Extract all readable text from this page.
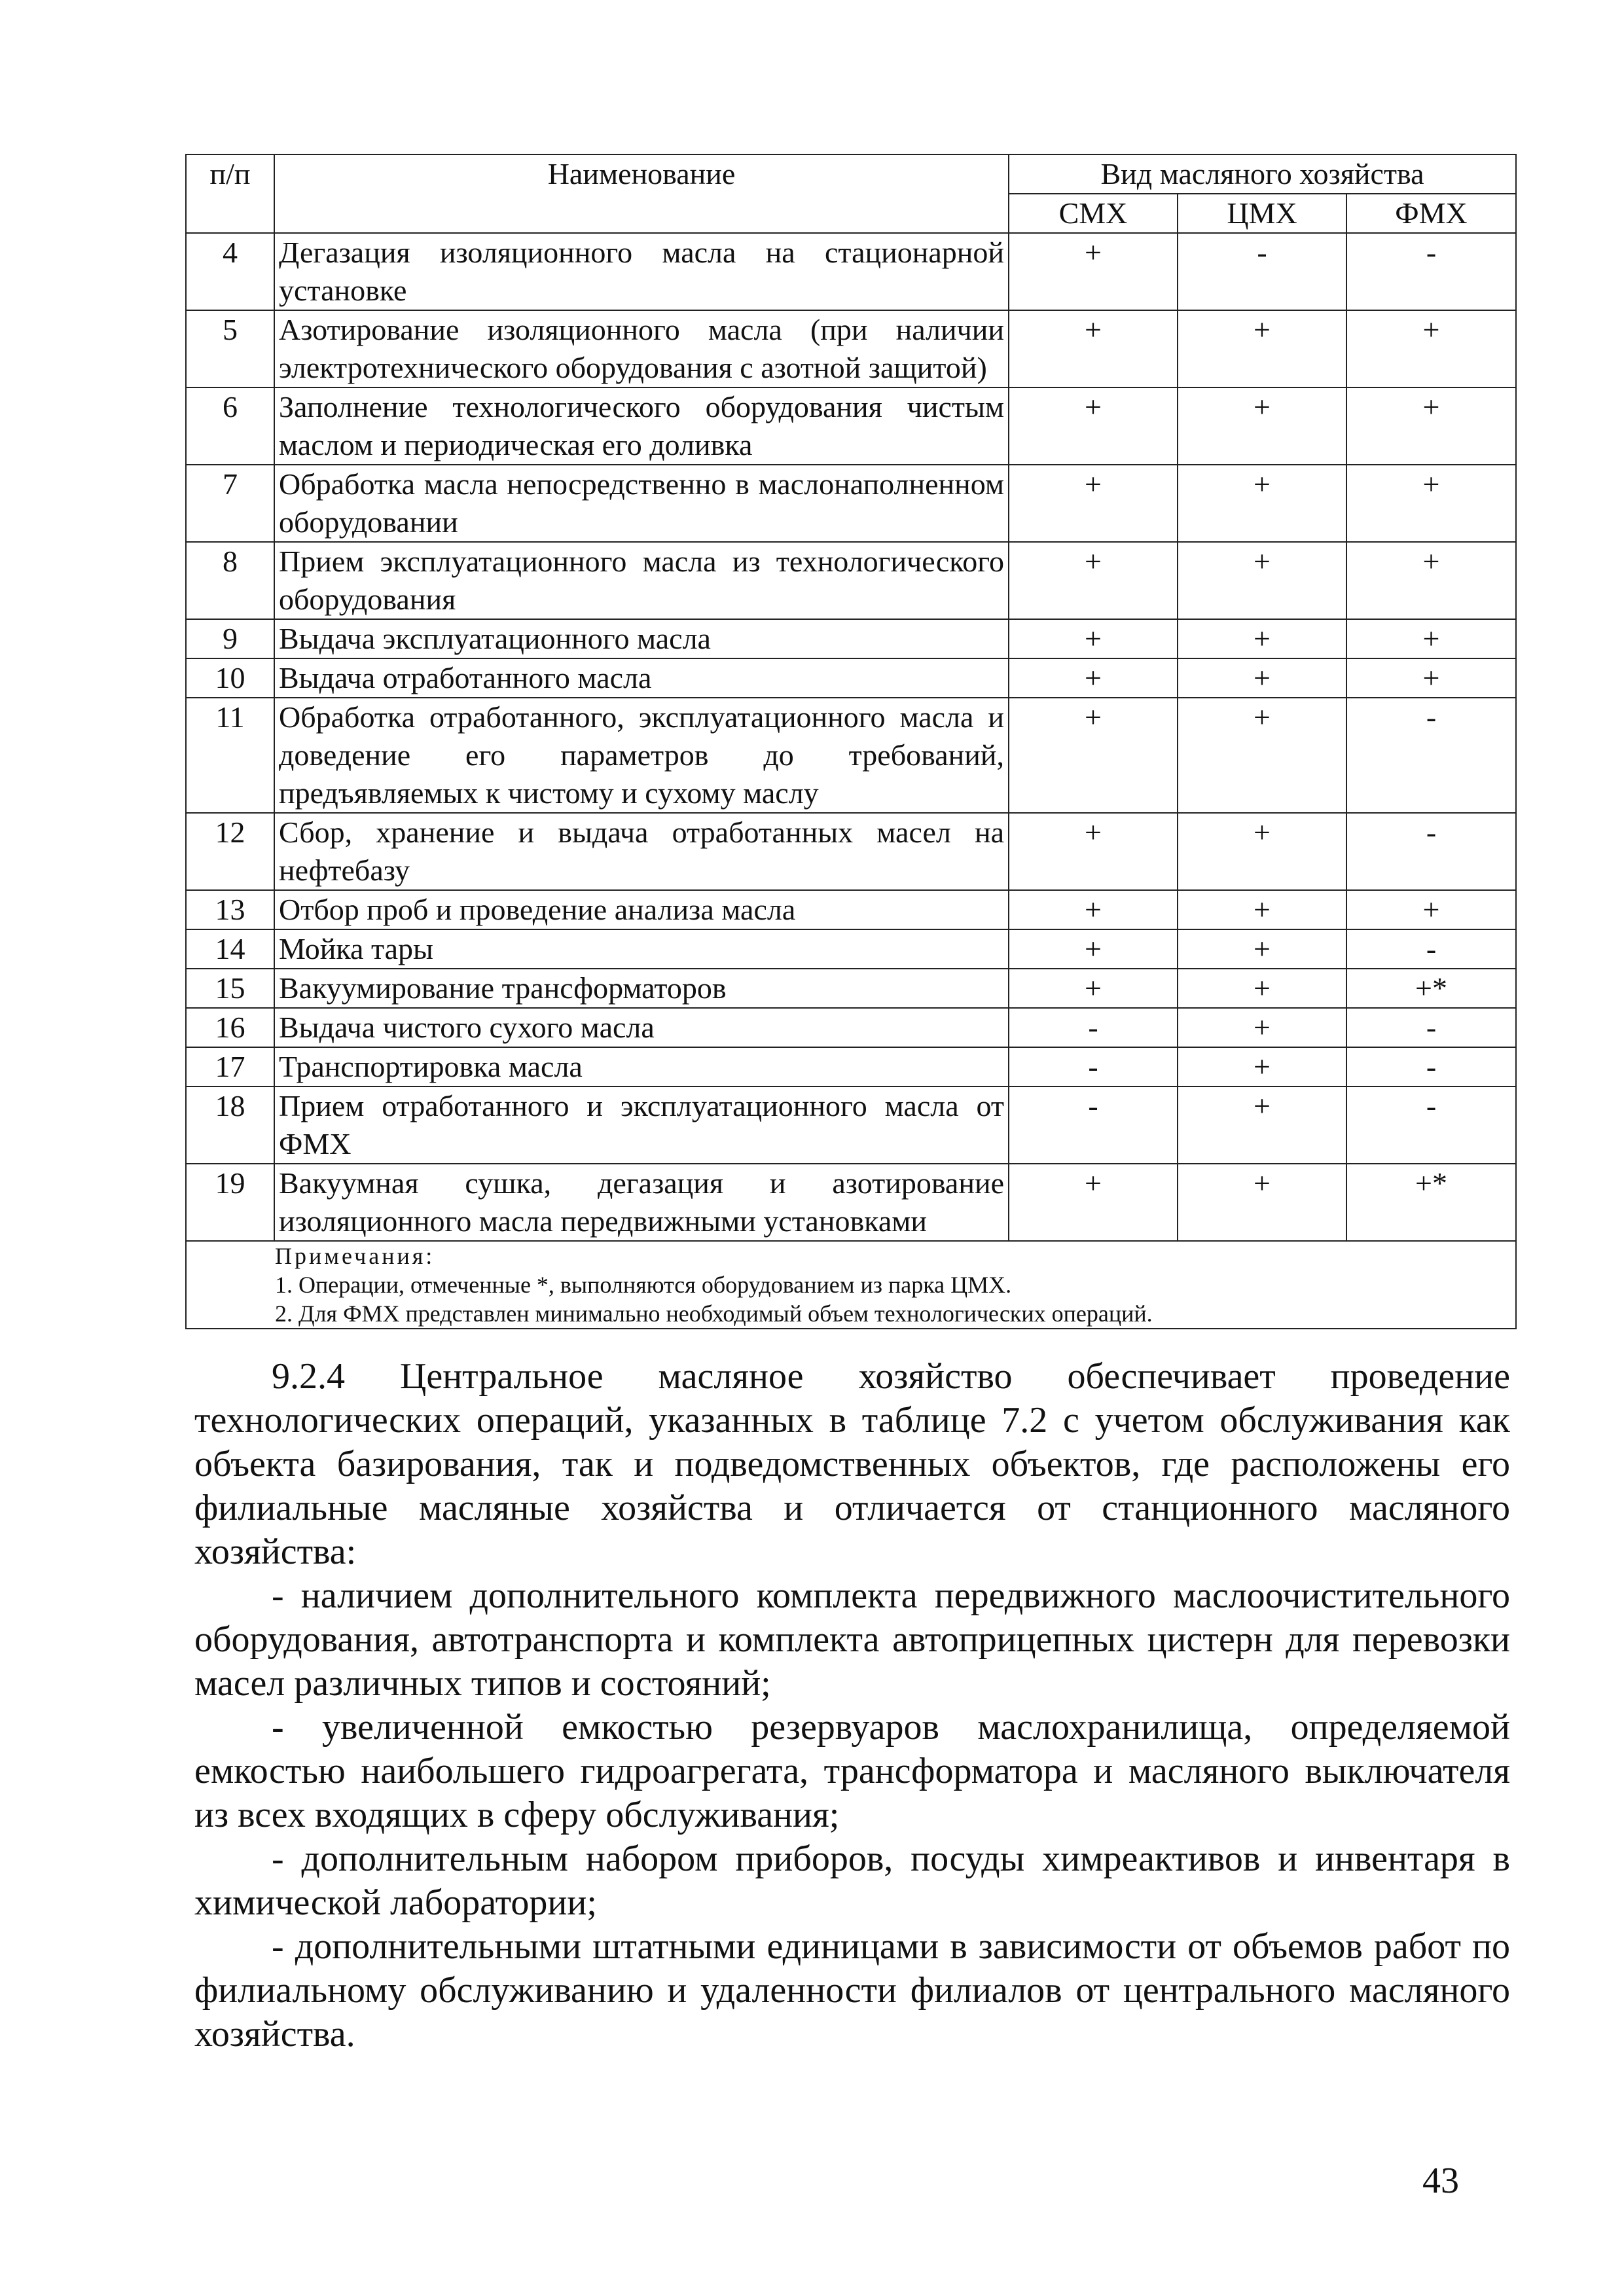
п/п	Наименование	Вид масляного хозяйства		
		СМХ	ЦМХ	ФМХ
4	Дегазация изоляционного масла на стационарной установке	+	-	-
5	Азотирование изоляционного масла (при наличии электротехнического оборудования с азотной защитой)	+	+	+
6	Заполнение технологического оборудования чистым маслом и периодическая его доливка	+	+	+
7	Обработка масла непосредственно в маслонаполненном оборудовании	+	+	+
8	Прием эксплуатационного масла из технологического оборудования	+	+	+
9	Выдача эксплуатационного масла	+	+	+
10	Выдача отработанного масла	+	+	+
11	Обработка отработанного, эксплуатационного масла и доведение его параметров до требований, предъявляемых к чистому и сухому маслу	+	+	-
12	Сбор, хранение и выдача отработанных масел на нефтебазу	+	+	-
13	Отбор проб и проведение анализа масла	+	+	+
14	Мойка тары	+	+	-
15	Вакуумирование трансформаторов	+	+	+*
16	Выдача чистого сухого масла	-	+	-
17	Транспортировка масла	-	+	-
18	Прием отработанного и эксплуатационного масла от ФМХ	-	+	-
19	Вакуумная сушка, дегазация и азотирование изоляционного масла передвижными установками	+	+	+*

Примечания:
1. Операции, отмеченные *, выполняются оборудованием из парка ЦМХ.
2. Для ФМХ представлен минимально необходимый объем технологических операций.				

9.2.4 Центральное масляное хозяйство обеспечивает проведение технологических операций, указанных в таблице 7.2 с учетом обслуживания как объекта базирования, так и подведомственных объектов, где расположены его филиальные масляные хозяйства и отличается от станционного масляного хозяйства:

- наличием дополнительного комплекта передвижного маслоочистительного оборудования, автотранспорта и комплекта автоприцепных цистерн для перевозки масел различных типов и состояний;

- увеличенной емкостью резервуаров маслохранилища, определяемой емкостью наибольшего гидроагрегата, трансформатора и масляного выключателя из всех входящих в сферу обслуживания;

- дополнительным набором приборов, посуды химреактивов и инвентаря в химической лаборатории;

- дополнительными штатными единицами в зависимости от объемов работ по филиальному обслуживанию и удаленности филиалов от центрального масляного хозяйства.

43
